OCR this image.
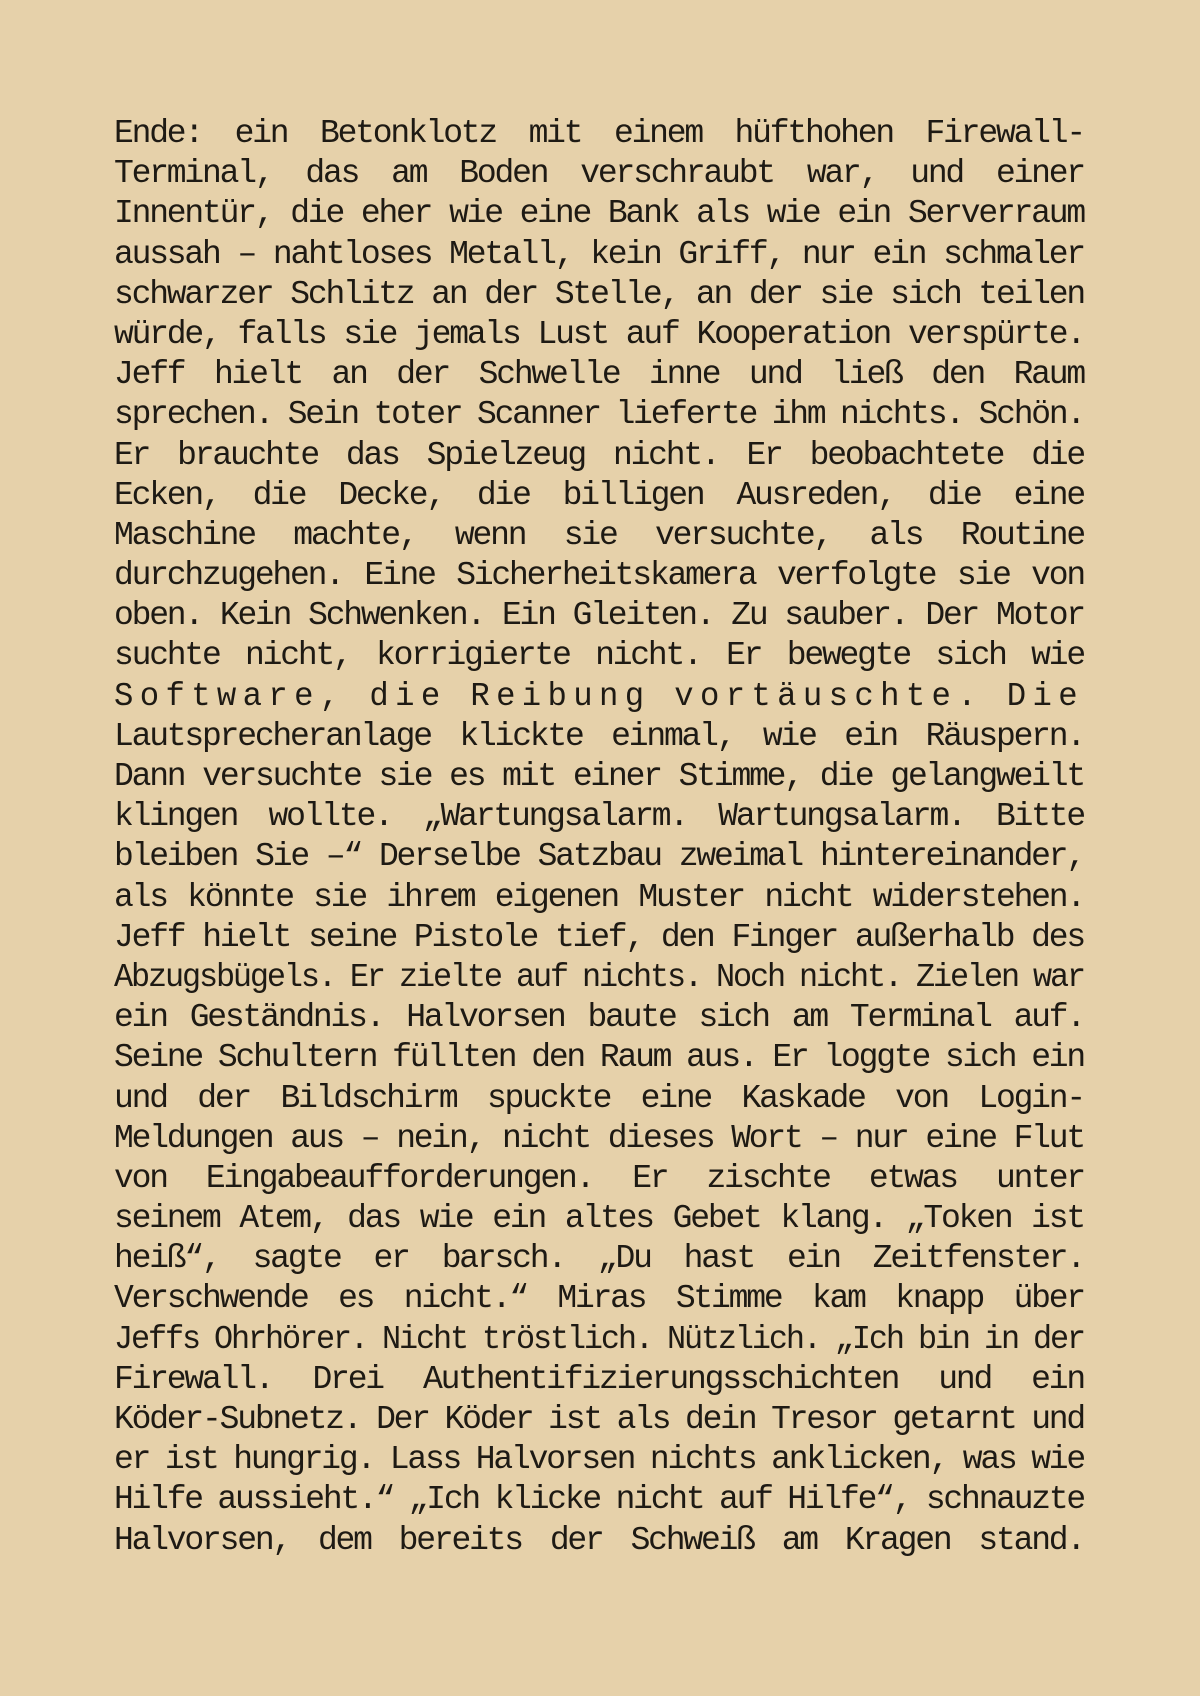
Ende: ein Betonklotz mit einem hüfthohen Firewall-
Terminal, das am Boden verschraubt war, und einer
Innentür, die eher wie eine Bank als wie ein Serverraum
aussah – nahtloses Metall, kein Griff, nur ein schmaler
schwarzer Schlitz an der Stelle, an der sie sich teilen
würde, falls sie jemals Lust auf Kooperation verspürte.
Jeff hielt an der Schwelle inne und ließ den Raum
sprechen. Sein toter Scanner lieferte ihm nichts. Schön.
Er brauchte das Spielzeug nicht. Er beobachtete die
Ecken, die Decke, die billigen Ausreden, die eine
Maschine machte, wenn sie versuchte, als Routine
durchzugehen. Eine Sicherheitskamera verfolgte sie von
oben. Kein Schwenken. Ein Gleiten. Zu sauber. Der Motor
suchte nicht, korrigierte nicht. Er bewegte sich wie
Software, die Reibung vortäuschte. Die
Lautsprecheranlage klickte einmal, wie ein Räuspern.
Dann versuchte sie es mit einer Stimme, die gelangweilt
klingen wollte. „Wartungsalarm. Wartungsalarm. Bitte
bleiben Sie –“ Derselbe Satzbau zweimal hintereinander,
als könnte sie ihrem eigenen Muster nicht widerstehen.
Jeff hielt seine Pistole tief, den Finger außerhalb des
Abzugsbügels. Er zielte auf nichts. Noch nicht. Zielen war
ein Geständnis. Halvorsen baute sich am Terminal auf.
Seine Schultern füllten den Raum aus. Er loggte sich ein
und der Bildschirm spuckte eine Kaskade von Login-
Meldungen aus – nein, nicht dieses Wort – nur eine Flut
von Eingabeaufforderungen. Er zischte etwas unter
seinem Atem, das wie ein altes Gebet klang. „Token ist
heiß“, sagte er barsch. „Du hast ein Zeitfenster.
Verschwende es nicht.“ Miras Stimme kam knapp über
Jeffs Ohrhörer. Nicht tröstlich. Nützlich. „Ich bin in der
Firewall. Drei Authentifizierungsschichten und ein
Köder-Subnetz. Der Köder ist als dein Tresor getarnt und
er ist hungrig. Lass Halvorsen nichts anklicken, was wie
Hilfe aussieht.“ „Ich klicke nicht auf Hilfe“, schnauzte
Halvorsen, dem bereits der Schweiß am Kragen stand.
